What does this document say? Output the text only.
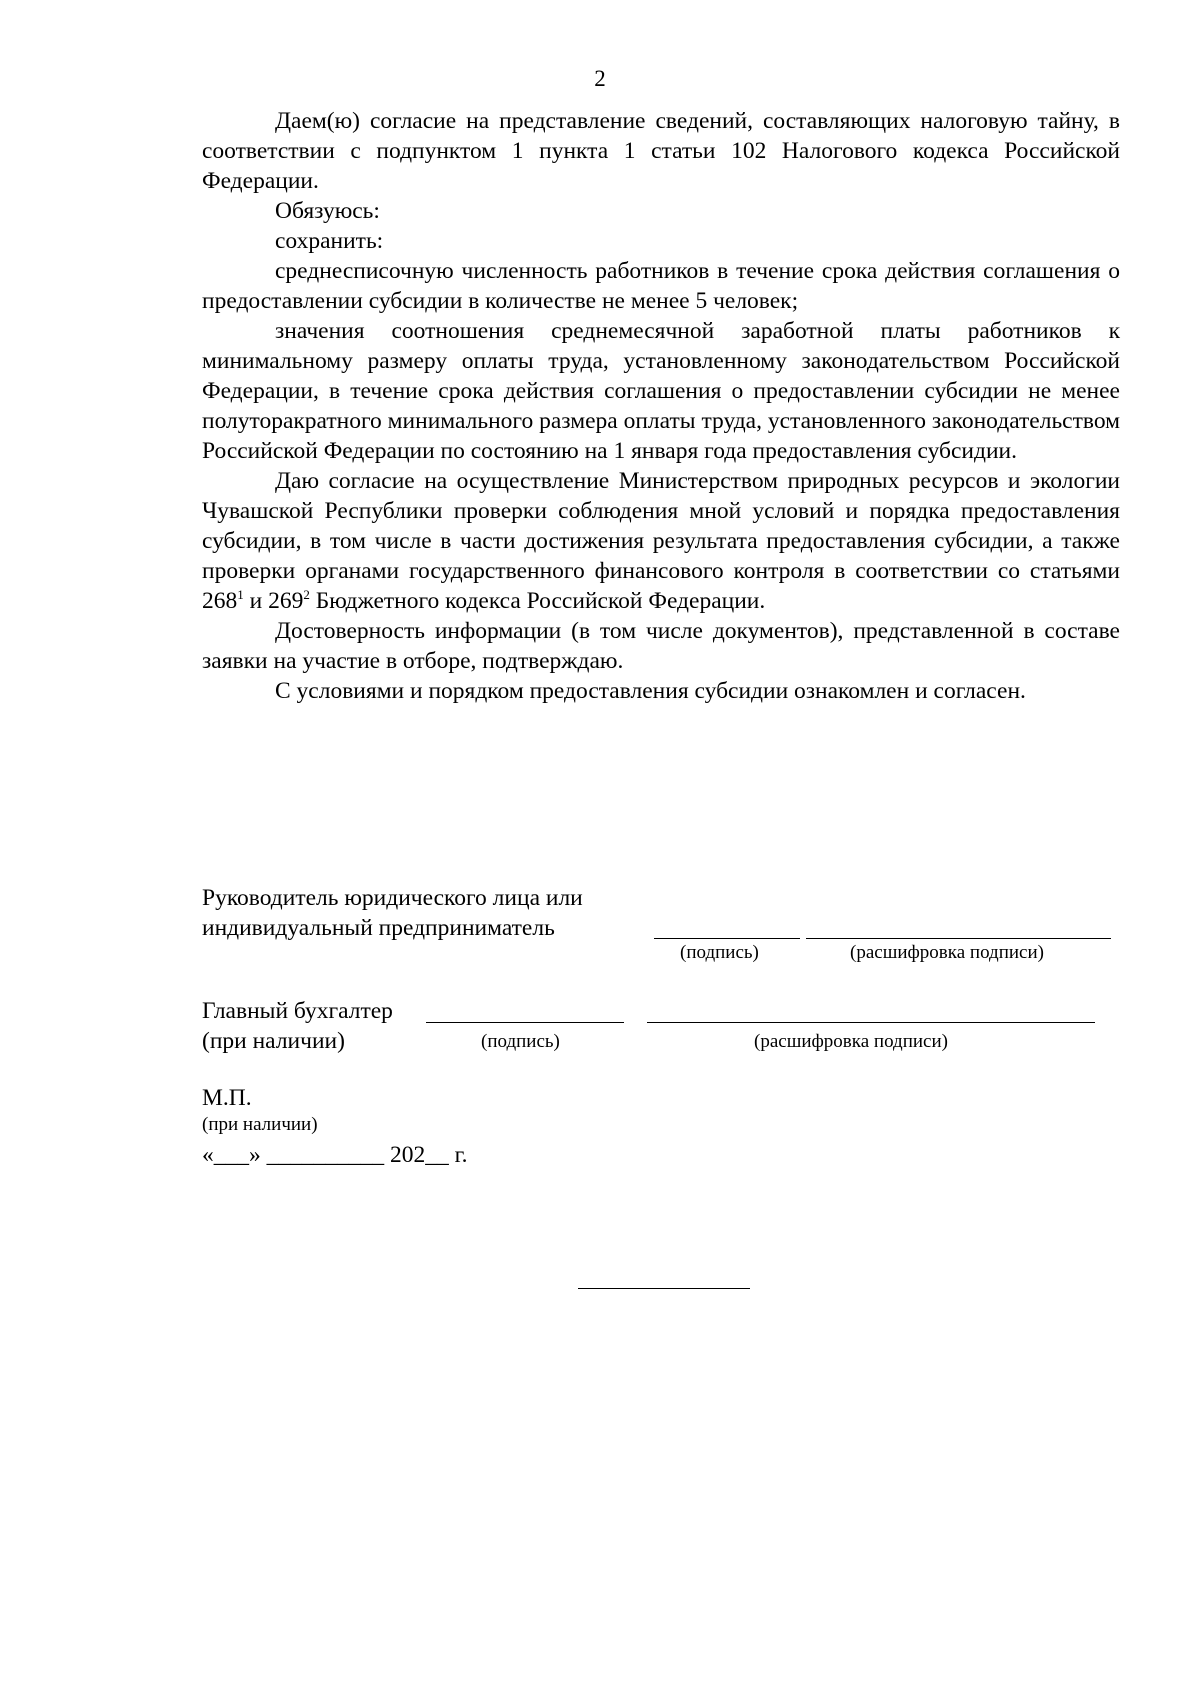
2

Даем(ю) согласие на представление сведений, составляющих налоговую тайну, в соответствии с подпунктом 1 пункта 1 статьи 102 Налогового кодекса Российской Федерации.

Обязуюсь:

сохранить:

среднесписочную численность работников в течение срока действия соглашения о предоставлении субсидии в количестве не менее 5 человек;

значения соотношения среднемесячной заработной платы работников к минимальному размеру оплаты труда, установленному законодательством Российской Федерации, в течение срока действия соглашения о предоставлении субсидии не менее полуторакратного минимального размера оплаты труда, установленного законодательством Российской Федерации по состоянию на 1 января года предоставления субсидии.

Даю согласие на осуществление Министерством природных ресурсов и экологии Чувашской Республики проверки соблюдения мной условий и порядка предоставления субсидии, в том числе в части достижения результата предоставления субсидии, а также проверки органами государственного финансового контроля в соответствии со статьями $268^1$ и $269^2$ Бюджетного кодекса Российской Федерации.

Достоверность информации (в том числе документов), представленной в составе заявки на участие в отборе, подтверждаю.

С условиями и порядком предоставления субсидии ознакомлен и согласен.

Руководитель юридического лица или
индивидуальный предприниматель
(подпись)	(расшифровка подписи)
Главный бухгалтер
(при наличии)	(подпись)	(расшифровка подписи)
М.П.
(при наличии)
«___» __________ 202__ г.
